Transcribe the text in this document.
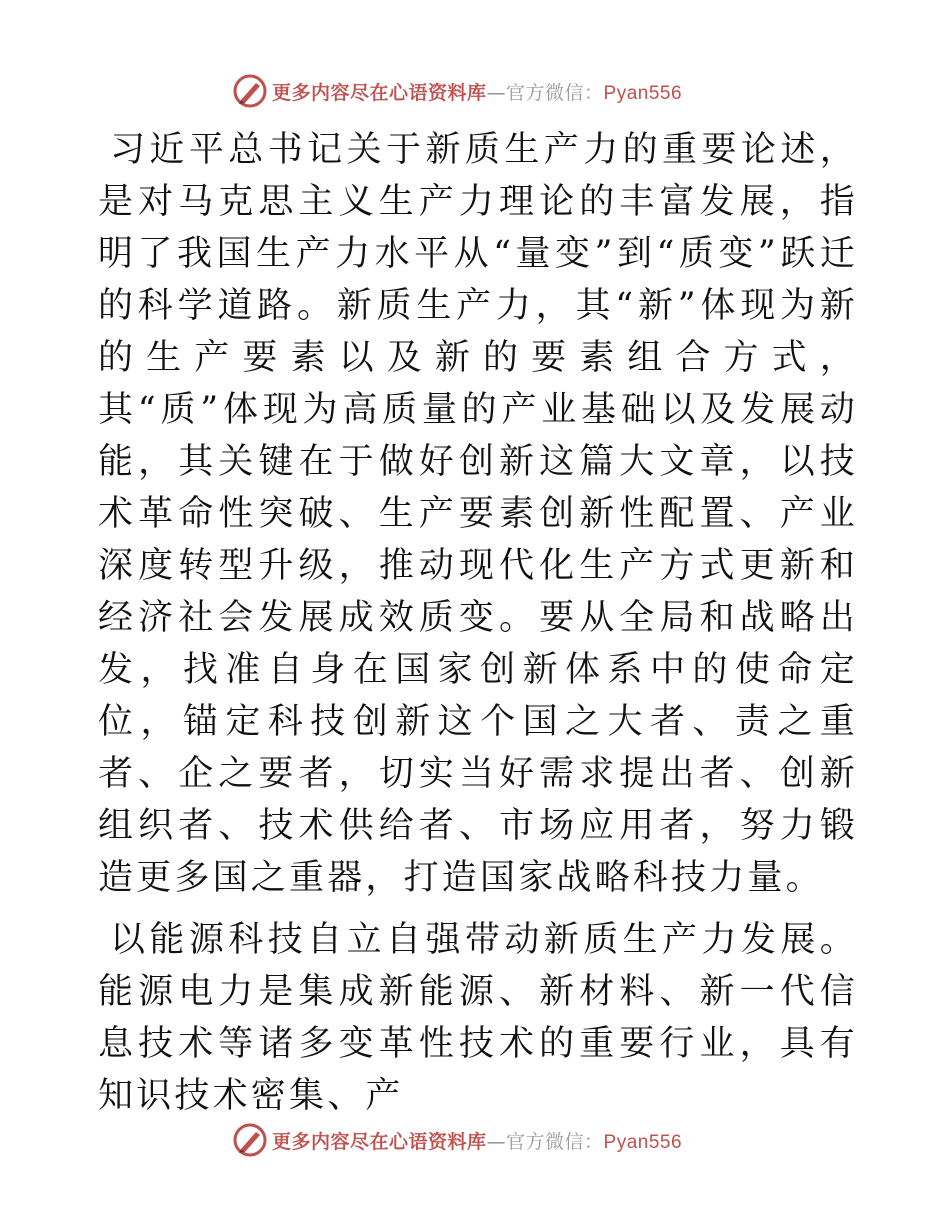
更多内容尽在心语资料库—官方微信：Pyan556

习近平总书记关于新质生产力的重要论述，是对马克思主义生产力理论的丰富发展，指明了我国生产力水平从“量变”到“质变”跃迁的科学道路。新质生产力，其“新”体现为新的生产要素以及新的要素组合方式，其“质”体现为高质量的产业基础以及发展动能，其关键在于做好创新这篇大文章，以技术革命性突破、生产要素创新性配置、产业深度转型升级，推动现代化生产方式更新和经济社会发展成效质变。要从全局和战略出发，找准自身在国家创新体系中的使命定位，锚定科技创新这个国之大者、责之重者、企之要者，切实当好需求提出者、创新组织者、技术供给者、市场应用者，努力锻造更多国之重器，打造国家战略科技力量。

以能源科技自立自强带动新质生产力发展。能源电力是集成新能源、新材料、新一代信息技术等诸多变革性技术的重要行业，具有知识技术密集、产

更多内容尽在心语资料库—官方微信：Pyan556
